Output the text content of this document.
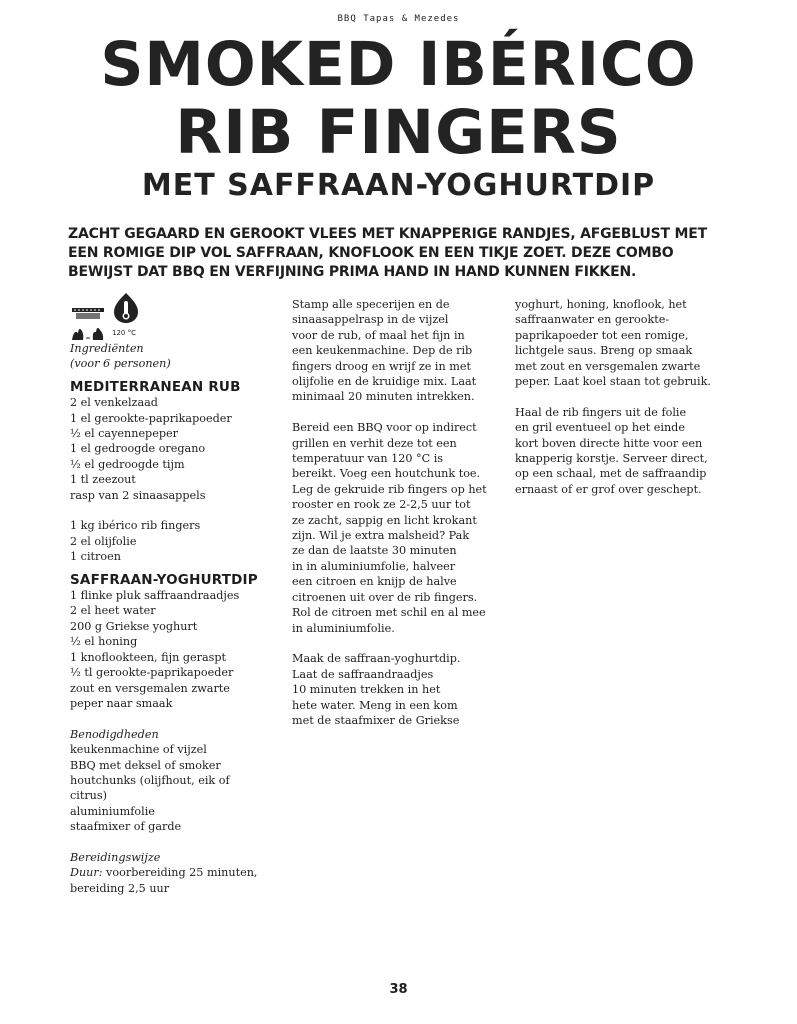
BBQ Tapas & Mezedes
SMOKED IBÉRICO
RIB FINGERS
MET SAFFRAAN-YOGHURTDIP
ZACHT GEGAARD EN GEROOKT VLEES MET KNAPPERIGE RANDJES, AFGEBLUST MET EEN ROMIGE DIP VOL SAFFRAAN, KNOFLOOK EN EEN TIKJE ZOET. DEZE COMBO BEWIJST DAT BBQ EN VERFIJNING PRIMA HAND IN HAND KUNNEN FIKKEN.
120 °C
Ingrediënten
(voor 6 personen)
MEDITERRANEAN RUB
2 el venkelzaad
1 el gerookte-paprikapoeder
½ el cayennepeper
1 el gedroogde oregano
½ el gedroogde tijm
1 tl zeezout
rasp van 2 sinaasappels
1 kg ibérico rib fingers
2 el olijfolie
1 citroen
SAFFRAAN-YOGHURTDIP
1 flinke pluk saffraandraadjes
2 el heet water
200 g Griekse yoghurt
½ el honing
1 knoflookteen, fijn geraspt
½ tl gerookte-paprikapoeder
zout en versgemalen zwarte
peper naar smaak
Benodigdheden
keukenmachine of vijzel
BBQ met deksel of smoker
houtchunks (olijfhout, eik of
citrus)
aluminiumfolie
staafmixer of garde
Bereidingswijze
Duur: voorbereiding 25 minuten,
bereiding 2,5 uur
Stamp alle specerijen en de
sinaasappelrasp in de vijzel
voor de rub, of maal het fijn in
een keukenmachine. Dep de rib
fingers droog en wrijf ze in met
olijfolie en de kruidige mix. Laat
minimaal 20 minuten intrekken.
Bereid een BBQ voor op indirect
grillen en verhit deze tot een
temperatuur van 120 °C is
bereikt. Voeg een houtchunk toe.
Leg de gekruide rib fingers op het
rooster en rook ze 2-2,5 uur tot
ze zacht, sappig en licht krokant
zijn. Wil je extra malsheid? Pak
ze dan de laatste 30 minuten
in in aluminiumfolie, halveer
een citroen en knijp de halve
citroenen uit over de rib fingers.
Rol de citroen met schil en al mee
in aluminiumfolie.
Maak de saffraan-yoghurtdip.
Laat de saffraandraadjes
10 minuten trekken in het
hete water. Meng in een kom
met de staafmixer de Griekse
yoghurt, honing, knoflook, het
saffraanwater en gerookte-
paprikapoeder tot een romige,
lichtgele saus. Breng op smaak
met zout en versgemalen zwarte
peper. Laat koel staan tot gebruik.
Haal de rib fingers uit de folie
en gril eventueel op het einde
kort boven directe hitte voor een
knapperig korstje. Serveer direct,
op een schaal, met de saffraandip
ernaast of er grof over geschept.
38
